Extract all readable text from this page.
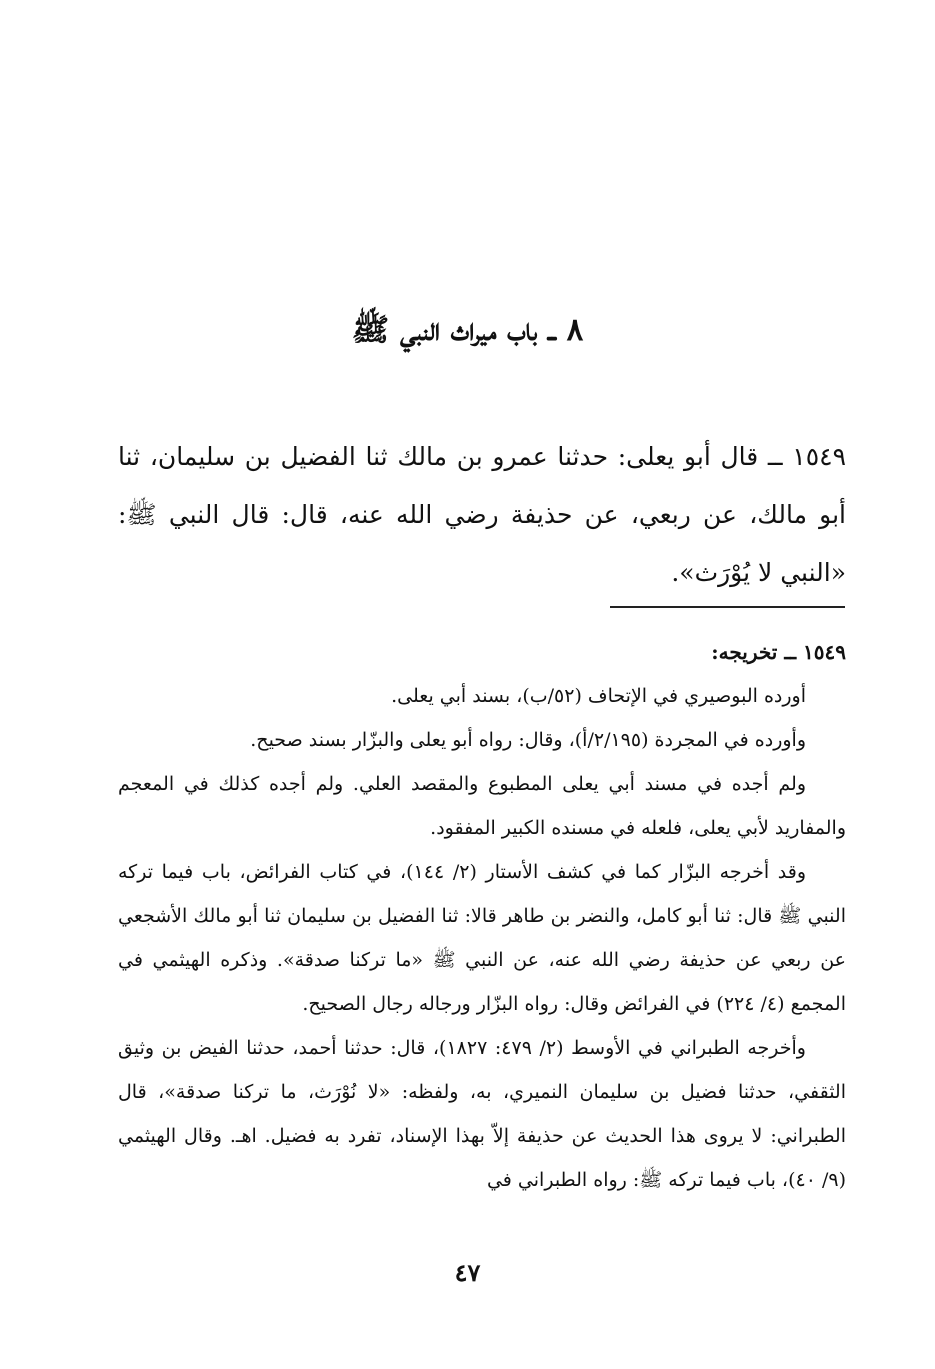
٨ ــ باب ميراث النبي ﷺ

١٥٤٩ ــ قال أبو يعلى: حدثنا عمرو بن مالك ثنا الفضيل بن سليمان، ثنا أبو مالك، عن ربعي، عن حذيفة رضي الله عنه، قال: قال النبي ﷺ: «النبي لا يُوْرَث».

١٥٤٩ ــ تخريجه:

أورده البوصيري في الإتحاف (٥٢/ب)، بسند أبي يعلى.

وأورده في المجردة (٢/١٩٥/أ)، وقال: رواه أبو يعلى والبزّار بسند صحيح.

ولم أجده في مسند أبي يعلى المطبوع والمقصد العلي. ولم أجده كذلك في المعجم والمفاريد لأبي يعلى، فلعله في مسنده الكبير المفقود.

وقد أخرجه البزّار كما في كشف الأستار (٢/ ١٤٤)، في كتاب الفرائض، باب فيما تركه النبي ﷺ قال: ثنا أبو كامل، والنضر بن طاهر قالا: ثنا الفضيل بن سليمان ثنا أبو مالك الأشجعي عن ربعي عن حذيفة رضي الله عنه، عن النبي ﷺ «ما تركنا صدقة». وذكره الهيثمي في المجمع (٤/ ٢٢٤) في الفرائض وقال: رواه البزّار ورجاله رجال الصحيح.

وأخرجه الطبراني في الأوسط (٢/ ٤٧٩: ١٨٢٧)، قال: حدثنا أحمد، حدثنا الفيض بن وثيق الثقفي، حدثنا فضيل بن سليمان النميري، به، ولفظه: «لا نُوْرَث، ما تركنا صدقة»، قال الطبراني: لا يروى هذا الحديث عن حذيفة إلاّ بهذا الإسناد، تفرد به فضيل. اهـ. وقال الهيثمي (٩/ ٤٠)، باب فيما تركه ﷺ: رواه الطبراني في

٤٧
